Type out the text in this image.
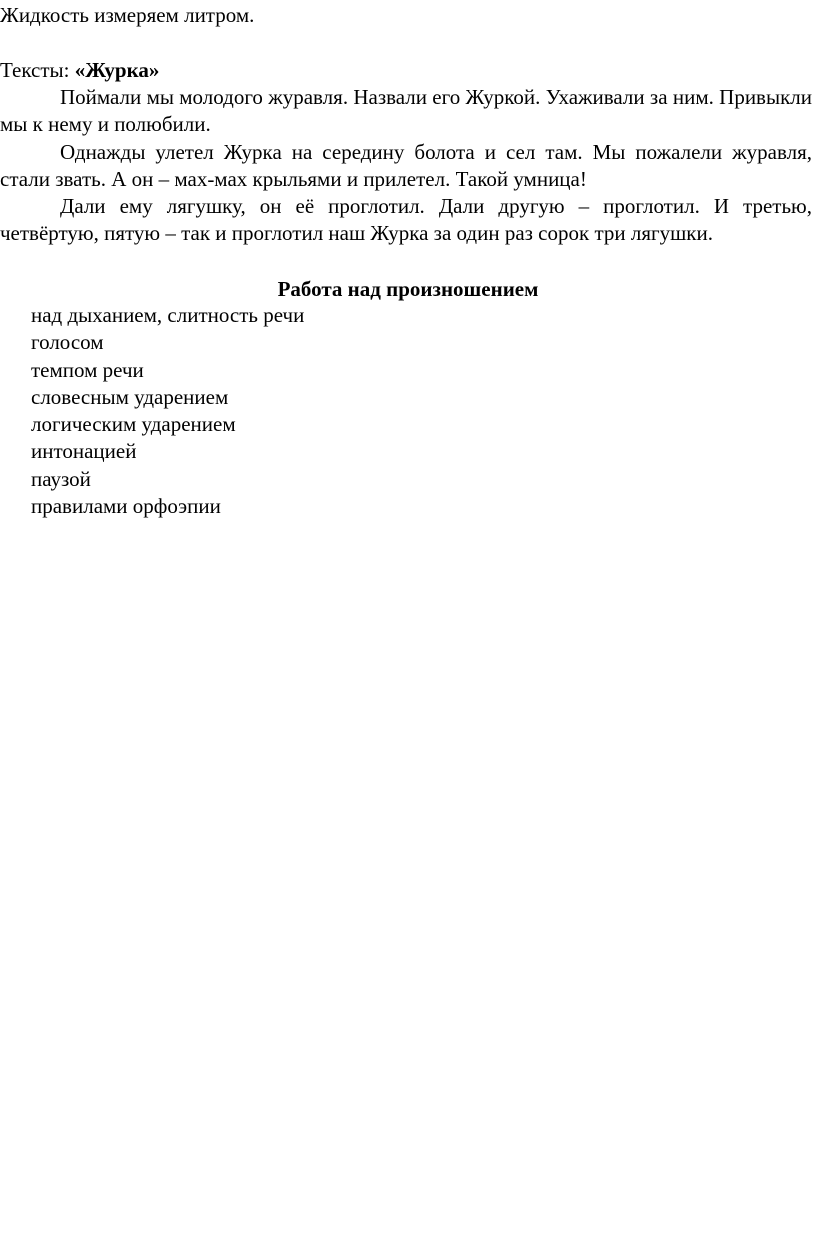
Жидкость измеряем литром.

Тексты: «Журка»

Поймали мы молодого журавля. Назвали его Журкой. Ухаживали за ним. Привыкли мы к нему и полюбили.

Однажды улетел Журка на середину болота и сел там. Мы пожалели журавля, стали звать. А он – мах-мах крыльями и прилетел. Такой умница!

Дали ему лягушку, он её проглотил. Дали другую – проглотил. И третью, четвёртую, пятую – так и проглотил наш Журка за один раз сорок три лягушки.

Работа над произношением

над дыханием, слитность речи
голосом
темпом речи
словесным ударением
логическим ударением
интонацией
паузой
правилами орфоэпии
